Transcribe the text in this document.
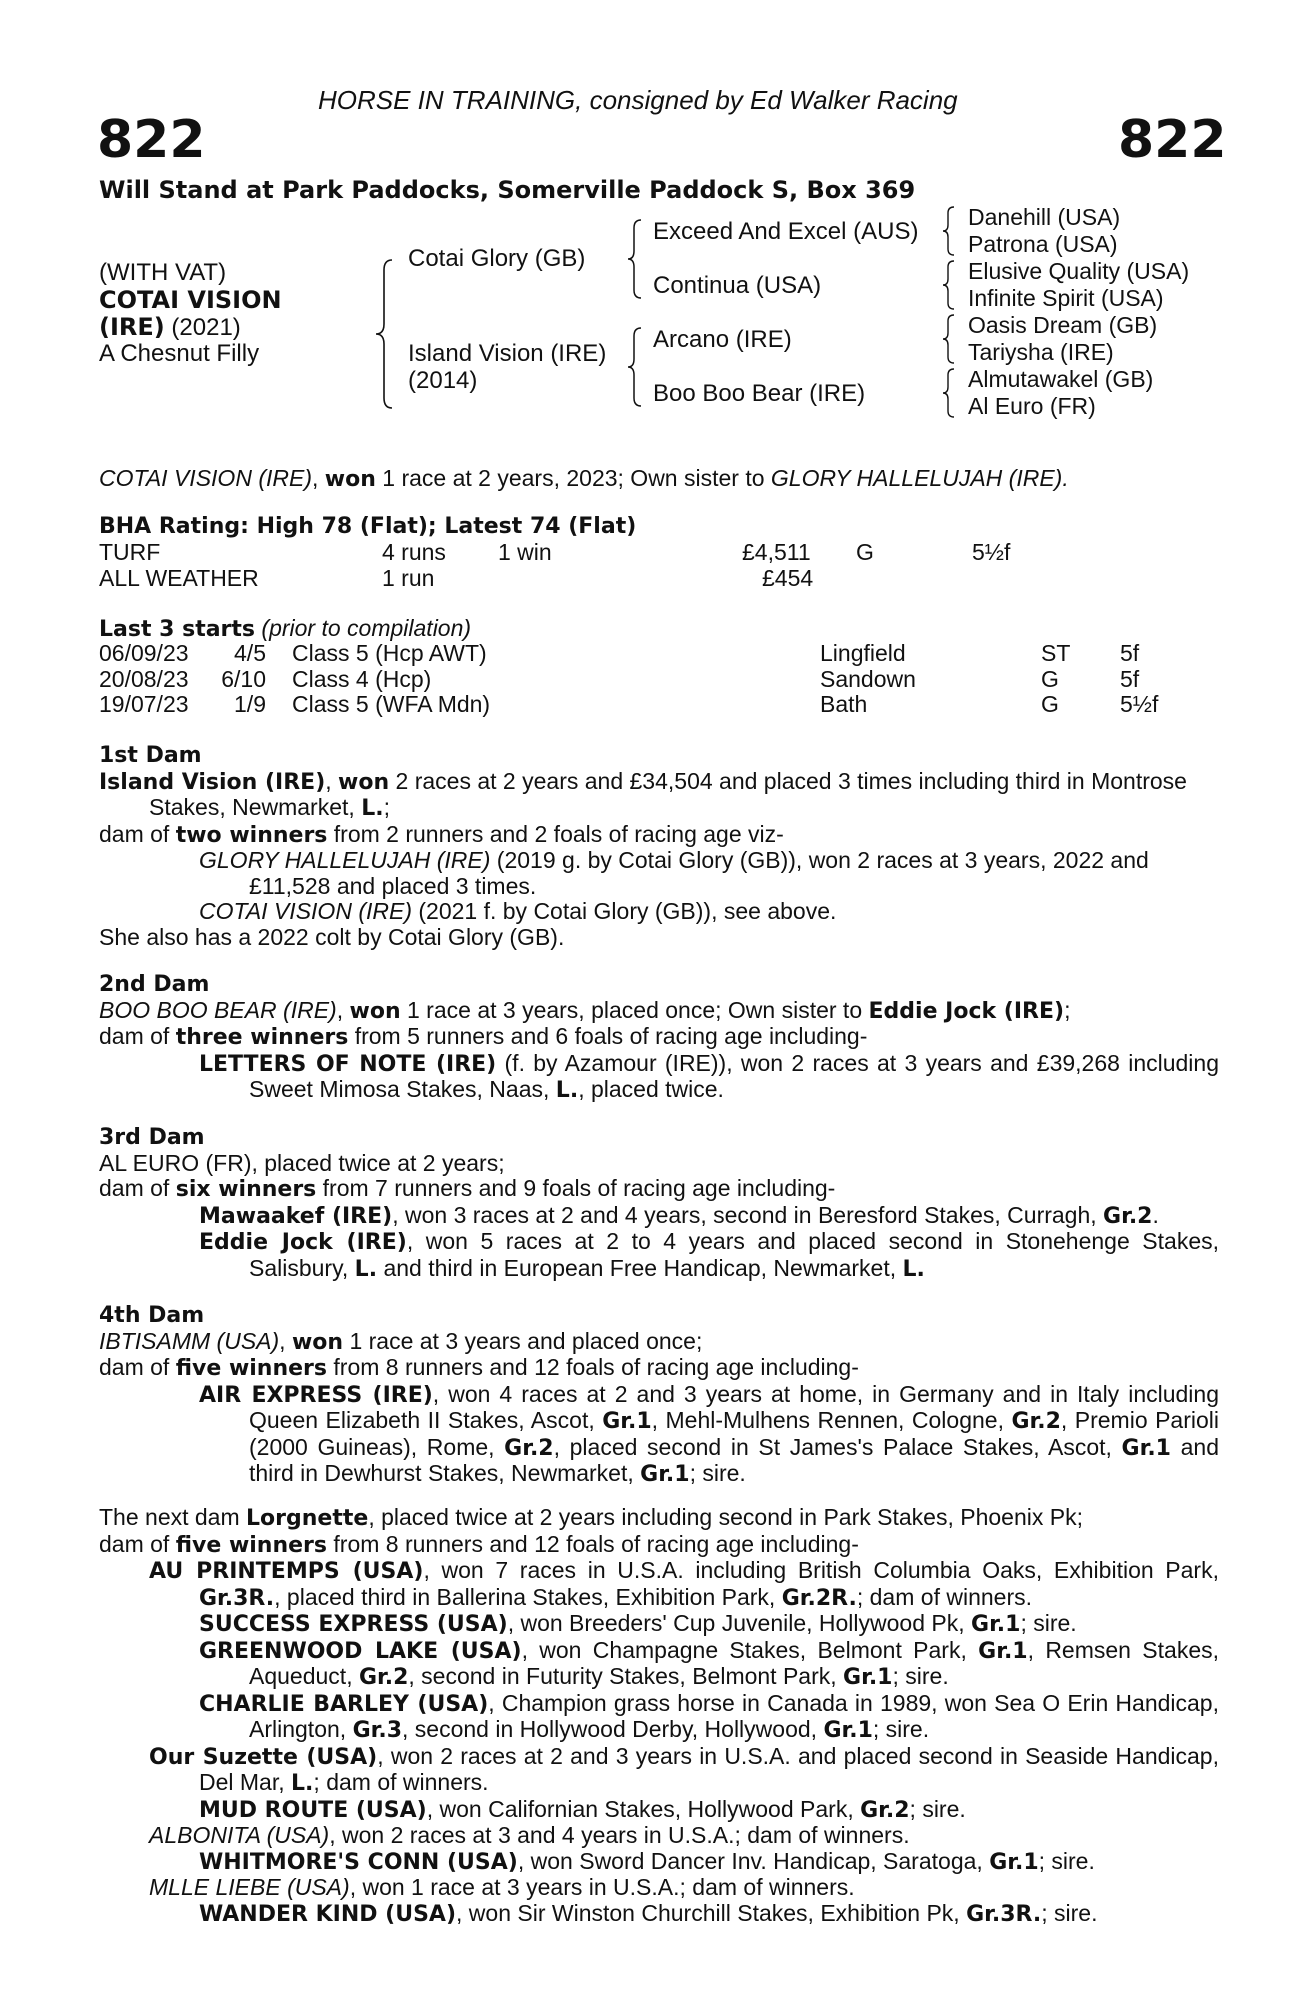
HORSE IN TRAINING, consigned by Ed Walker Racing
822	822
Will Stand at Park Paddocks, Somerville Paddock S, Box 369
(WITH VAT)
COTAI VISION
(IRE) (2021)
A Chesnut Filly
Cotai Glory (GB)
Island Vision (IRE)
(2014)
Exceed And Excel (AUS)
Continua (USA)
Arcano (IRE)
Boo Boo Bear (IRE)
Danehill (USA)
Patrona (USA)
Elusive Quality (USA)
Infinite Spirit (USA)
Oasis Dream (GB)
Tariysha (IRE)
Almutawakel (GB)
Al Euro (FR)
COTAI VISION (IRE), won 1 race at 2 years, 2023; Own sister to GLORY HALLELUJAH (IRE).
BHA Rating: High 78 (Flat); Latest 74 (Flat)
TURF	4 runs 1 win	£4,511 G	5½f
ALL WEATHER	1 run	£454
Last 3 starts (prior to compilation)
06/09/23	4/5 Class 5 (Hcp AWT)	Lingfield	ST 5f
20/08/23	6/10 Class 4 (Hcp)	Sandown	G	5f
19/07/23	1/9 Class 5 (WFA Mdn)	Bath	G	5½f

1st Dam

Island Vision (IRE), won 2 races at 2 years and £34,504 and placed 3 times including third in Montrose Stakes, Newmarket, L.;

dam of two winners from 2 runners and 2 foals of racing age viz-

GLORY HALLELUJAH (IRE) (2019 g. by Cotai Glory (GB)), won 2 races at 3 years, 2022 and £11,528 and placed 3 times.

COTAI VISION (IRE) (2021 f. by Cotai Glory (GB)), see above.

She also has a 2022 colt by Cotai Glory (GB).

2nd Dam

BOO BOO BEAR (IRE), won 1 race at 3 years, placed once; Own sister to Eddie Jock (IRE);

dam of three winners from 5 runners and 6 foals of racing age including-

LETTERS OF NOTE (IRE) (f. by Azamour (IRE)), won 2 races at 3 years and £39,268 including Sweet Mimosa Stakes, Naas, L., placed twice.

3rd Dam

AL EURO (FR), placed twice at 2 years;

dam of six winners from 7 runners and 9 foals of racing age including-

Mawaakef (IRE), won 3 races at 2 and 4 years, second in Beresford Stakes, Curragh, Gr.2.

Eddie Jock (IRE), won 5 races at 2 to 4 years and placed second in Stonehenge Stakes, Salisbury, L. and third in European Free Handicap, Newmarket, L.

4th Dam

IBTISAMM (USA), won 1 race at 3 years and placed once;

dam of five winners from 8 runners and 12 foals of racing age including-

AIR EXPRESS (IRE), won 4 races at 2 and 3 years at home, in Germany and in Italy including Queen Elizabeth II Stakes, Ascot, Gr.1, Mehl-Mulhens Rennen, Cologne, Gr.2, Premio Parioli (2000 Guineas), Rome, Gr.2, placed second in St James's Palace Stakes, Ascot, Gr.1 and third in Dewhurst Stakes, Newmarket, Gr.1; sire.

The next dam Lorgnette, placed twice at 2 years including second in Park Stakes, Phoenix Pk;

dam of five winners from 8 runners and 12 foals of racing age including-

AU PRINTEMPS (USA), won 7 races in U.S.A. including British Columbia Oaks, Exhibition Park, Gr.3R., placed third in Ballerina Stakes, Exhibition Park, Gr.2R.; dam of winners.

SUCCESS EXPRESS (USA), won Breeders' Cup Juvenile, Hollywood Pk, Gr.1; sire.

GREENWOOD LAKE (USA), won Champagne Stakes, Belmont Park, Gr.1, Remsen Stakes, Aqueduct, Gr.2, second in Futurity Stakes, Belmont Park, Gr.1; sire.

CHARLIE BARLEY (USA), Champion grass horse in Canada in 1989, won Sea O Erin Handicap, Arlington, Gr.3, second in Hollywood Derby, Hollywood, Gr.1; sire.

Our Suzette (USA), won 2 races at 2 and 3 years in U.S.A. and placed second in Seaside Handicap, Del Mar, L.; dam of winners.

MUD ROUTE (USA), won Californian Stakes, Hollywood Park, Gr.2; sire.

ALBONITA (USA), won 2 races at 3 and 4 years in U.S.A.; dam of winners.

WHITMORE'S CONN (USA), won Sword Dancer Inv. Handicap, Saratoga, Gr.1; sire.

MLLE LIEBE (USA), won 1 race at 3 years in U.S.A.; dam of winners.

WANDER KIND (USA), won Sir Winston Churchill Stakes, Exhibition Pk, Gr.3R.; sire.
